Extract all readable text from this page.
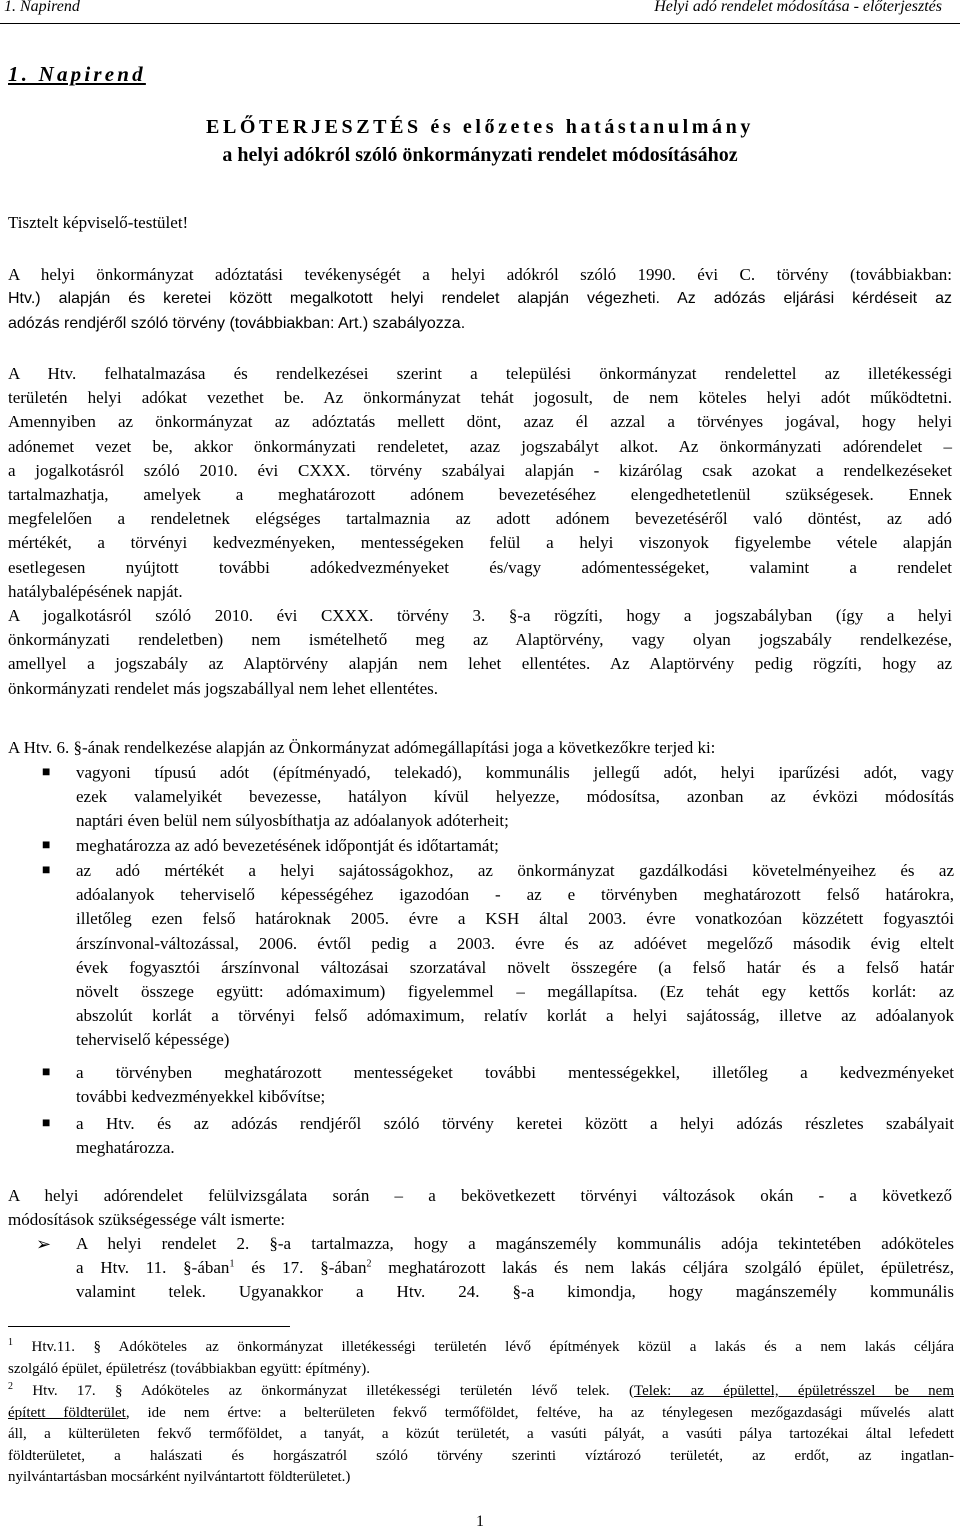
1. Napirend	Helyi adó rendelet módosítása - előterjesztés
1. Napirend
ELŐTERJESZTÉS és előzetes hatástanulmány
a helyi adókról szóló önkormányzati rendelet módosításához
Tisztelt képviselő-testület!
A helyi önkormányzat adóztatási tevékenységét a helyi adókról szóló 1990. évi C. törvény (továbbiakban:
Htv.) alapján és keretei között megalkotott helyi rendelet alapján végezheti. Az adózás eljárási kérdéseit az
adózás rendjéről szóló törvény (továbbiakban: Art.) szabályozza.
A Htv. felhatalmazása és rendelkezései szerint a települési önkormányzat rendelettel az illetékességi
területén helyi adókat vezethet be. Az önkormányzat tehát jogosult, de nem köteles helyi adót működtetni.
Amennyiben az önkormányzat az adóztatás mellett dönt, azaz él azzal a törvényes jogával, hogy helyi
adónemet vezet be, akkor önkormányzati rendeletet, azaz jogszabályt alkot. Az önkormányzati adórendelet –
a jogalkotásról szóló 2010. évi CXXX. törvény szabályai alapján - kizárólag csak azokat a rendelkezéseket
tartalmazhatja, amelyek a meghatározott adónem bevezetéséhez elengedhetetlenül szükségesek. Ennek
megfelelően a rendeletnek elégséges tartalmaznia az adott adónem bevezetéséről való döntést, az adó
mértékét, a törvényi kedvezményeken, mentességeken felül a helyi viszonyok figyelembe vétele alapján
esetlegesen nyújtott további adókedvezményeket és/vagy adómentességeket, valamint a rendelet
hatálybalépésének napját.
A jogalkotásról szóló 2010. évi CXXX. törvény 3. §-a rögzíti, hogy a jogszabályban (így a helyi
önkormányzati rendeletben) nem ismételhető meg az Alaptörvény, vagy olyan jogszabály rendelkezése,
amellyel a jogszabály az Alaptörvény alapján nem lehet ellentétes. Az Alaptörvény pedig rögzíti, hogy az
önkormányzati rendelet más jogszabállyal nem lehet ellentétes.
A Htv. 6. §-ának rendelkezése alapján az Önkormányzat adómegállapítási joga a következőkre terjed ki:
■ vagyoni típusú adót (építményadó, telekadó), kommunális jellegű adót, helyi iparűzési adót, vagy
ezek valamelyikét bevezesse, hatályon kívül helyezze, módosítsa, azonban az évközi módosítás
naptári éven belül nem súlyosbíthatja az adóalanyok adóterheit;
■ meghatározza az adó bevezetésének időpontját és időtartamát;
■ az adó mértékét a helyi sajátosságokhoz, az önkormányzat gazdálkodási követelményeihez és az
adóalanyok teherviselő képességéhez igazodóan - az e törvényben meghatározott felső határokra,
illetőleg ezen felső határoknak 2005. évre a KSH által 2003. évre vonatkozóan közzétett fogyasztói
árszínvonal-változással, 2006. évtől pedig a 2003. évre és az adóévet megelőző második évig eltelt
évek fogyasztói árszínvonal változásai szorzatával növelt összegére (a felső határ és a felső határ
növelt összege együtt: adómaximum) figyelemmel – megállapítsa. (Ez tehát egy kettős korlát: az
abszolút korlát a törvényi felső adómaximum, relatív korlát a helyi sajátosság, illetve az adóalanyok
teherviselő képessége)
■ a törvényben meghatározott mentességeket további mentességekkel, illetőleg a kedvezményeket
további kedvezményekkel kibővítse;
■ a Htv. és az adózás rendjéről szóló törvény keretei között a helyi adózás részletes szabályait
meghatározza.
A helyi adórendelet felülvizsgálata során – a bekövetkezett törvényi változások okán - a következő
módosítások szükségessége vált ismerte:
➢ A helyi rendelet 2. §-a tartalmazza, hogy a magánszemély kommunális adója tekintetében adóköteles
a Htv. 11. §-ában$^1$ és 17. §-ában$^2$ meghatározott lakás és nem lakás céljára szolgáló épület, épületrész,
valamint telek. Ugyanakkor a Htv. 24. §-a kimondja, hogy magánszemély kommunális
$^1$ Htv.11. § Adóköteles az önkormányzat illetékességi területén lévő építmények közül a lakás és a nem lakás céljára
szolgáló épület, épületrész (továbbiakban együtt: építmény).
$^2$ Htv. 17. § Adóköteles az önkormányzat illetékességi területén lévő telek. (Telek: az épülettel, épületrésszel be nem
épített földterület, ide nem értve: a belterületen fekvő termőföldet, feltéve, ha az ténylegesen mezőgazdasági művelés alatt
áll, a külterületen fekvő termőföldet, a tanyát, a közút területét, a vasúti pályát, a vasúti pálya tartozékai által lefedett
földterületet, a halászati és horgászatról szóló törvény szerinti víztározó területét, az erdőt, az ingatlan-
nyilvántartásban mocsárként nyilvántartott földterületet.)
1
